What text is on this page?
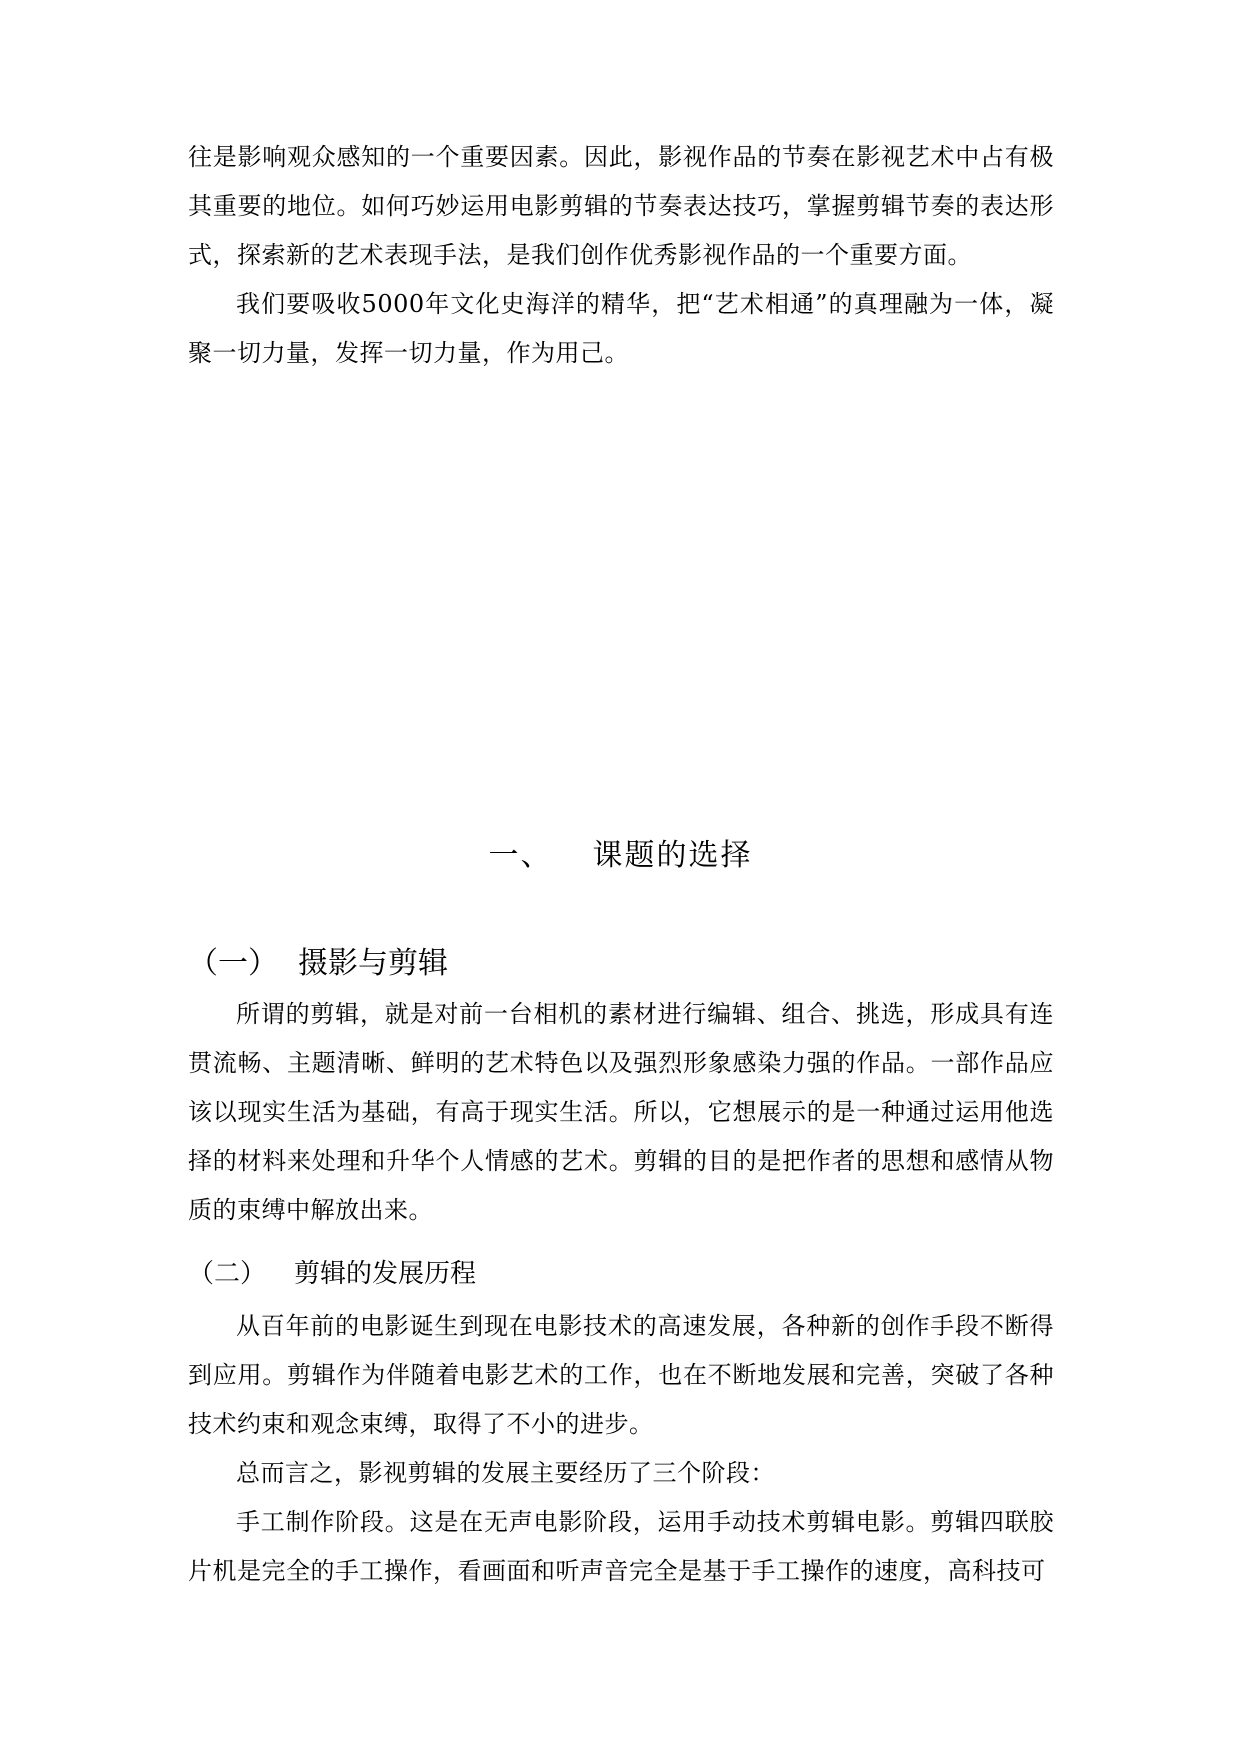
往是影响观众感知的一个重要因素。因此，影视作品的节奏在影视艺术中占有极其重要的地位。如何巧妙运用电影剪辑的节奏表达技巧，掌握剪辑节奏的表达形式，探索新的艺术表现手法，是我们创作优秀影视作品的一个重要方面。

我们要吸收5000年文化史海洋的精华，把“艺术相通”的真理融为一体，凝聚一切力量，发挥一切力量，作为用己。

一、 课题的选择
（一） 摄影与剪辑

所谓的剪辑，就是对前一台相机的素材进行编辑、组合、挑选，形成具有连贯流畅、主题清晰、鲜明的艺术特色以及强烈形象感染力强的作品。一部作品应该以现实生活为基础，有高于现实生活。所以，它想展示的是一种通过运用他选择的材料来处理和升华个人情感的艺术。剪辑的目的是把作者的思想和感情从物质的束缚中解放出来。

（二） 剪辑的发展历程

从百年前的电影诞生到现在电影技术的高速发展，各种新的创作手段不断得到应用。剪辑作为伴随着电影艺术的工作，也在不断地发展和完善，突破了各种技术约束和观念束缚，取得了不小的进步。

总而言之，影视剪辑的发展主要经历了三个阶段：

手工制作阶段。这是在无声电影阶段，运用手动技术剪辑电影。剪辑四联胶片机是完全的手工操作，看画面和听声音完全是基于手工操作的速度，高科技可
